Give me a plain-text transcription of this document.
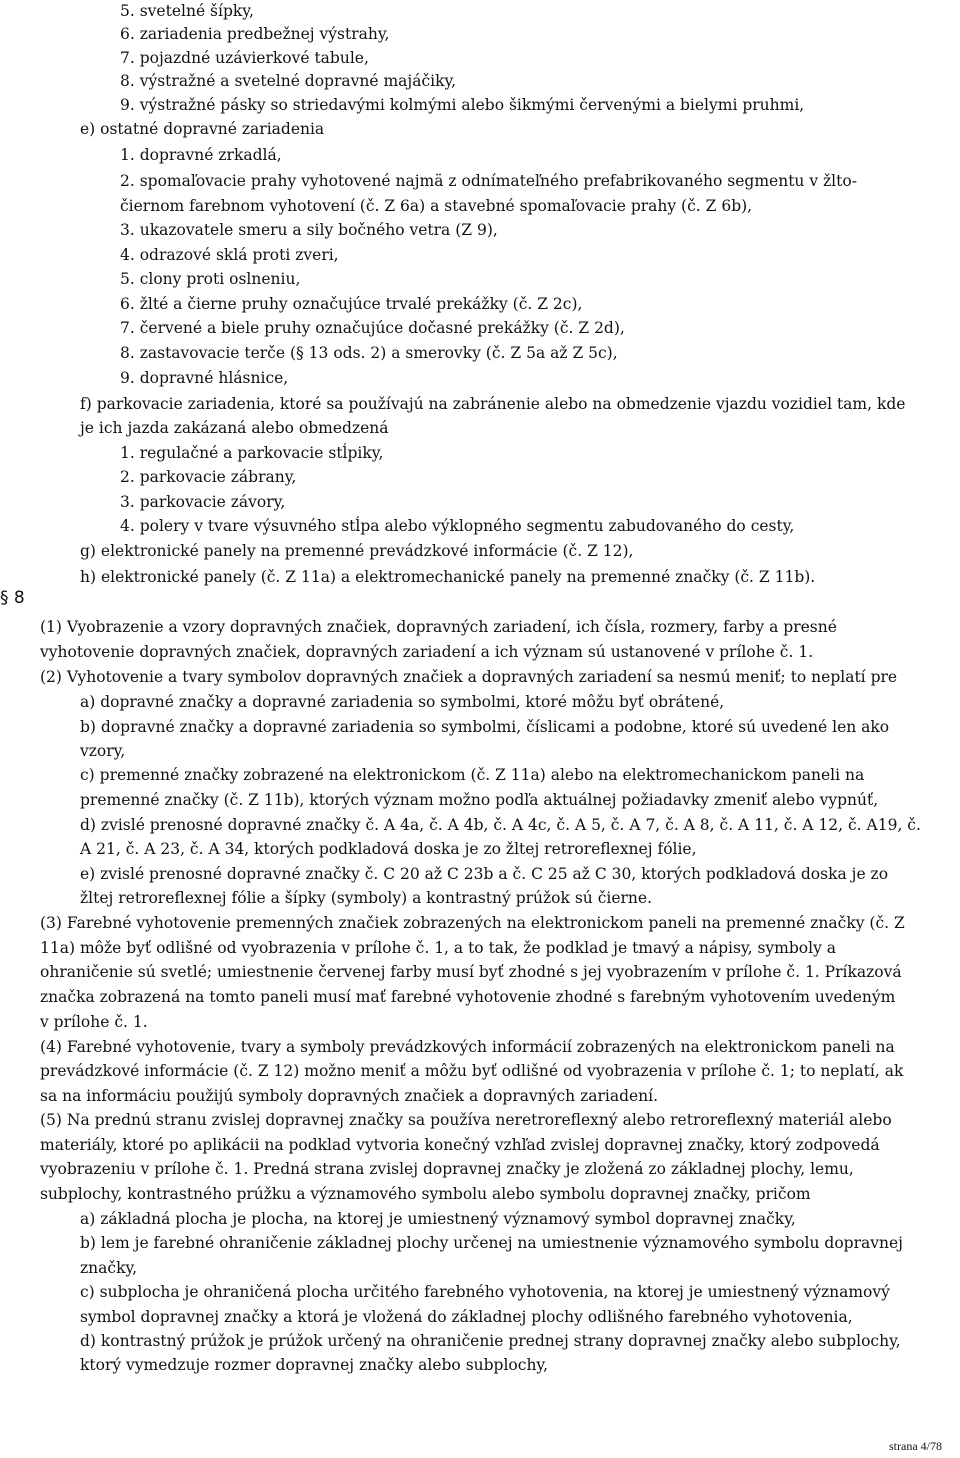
5. svetelné šípky,
6. zariadenia predbežnej výstrahy,
7. pojazdné uzávierkové tabule,
8. výstražné a svetelné dopravné majáčiky,
9. výstražné pásky so striedavými kolmými alebo šikmými červenými a bielymi pruhmi,
e) ostatné dopravné zariadenia
1. dopravné zrkadlá,
2. spomaľovacie prahy vyhotovené najmä z odnímateľného prefabrikovaného segmentu v žlto-
čiernom farebnom vyhotovení (č. Z 6a) a stavebné spomaľovacie prahy (č. Z 6b),
3. ukazovatele smeru a sily bočného vetra (Z 9),
4. odrazové sklá proti zveri,
5. clony proti oslneniu,
6. žlté a čierne pruhy označujúce trvalé prekážky (č. Z 2c),
7. červené a biele pruhy označujúce dočasné prekážky (č. Z 2d),
8. zastavovacie terče (§ 13 ods. 2) a smerovky (č. Z 5a až Z 5c),
9. dopravné hlásnice,
f) parkovacie zariadenia, ktoré sa používajú na zabránenie alebo na obmedzenie vjazdu vozidiel tam, kde
je ich jazda zakázaná alebo obmedzená
1. regulačné a parkovacie stĺpiky,
2. parkovacie zábrany,
3. parkovacie závory,
4. polery v tvare výsuvného stĺpa alebo výklopného segmentu zabudovaného do cesty,
g) elektronické panely na premenné prevádzkové informácie (č. Z 12),
h) elektronické panely (č. Z 11a) a elektromechanické panely na premenné značky (č. Z 11b).
§ 8
(1) Vyobrazenie a vzory dopravných značiek, dopravných zariadení, ich čísla, rozmery, farby a presné
vyhotovenie dopravných značiek, dopravných zariadení a ich význam sú ustanovené v prílohe č. 1.
(2) Vyhotovenie a tvary symbolov dopravných značiek a dopravných zariadení sa nesmú meniť; to neplatí pre
a) dopravné značky a dopravné zariadenia so symbolmi, ktoré môžu byť obrátené,
b) dopravné značky a dopravné zariadenia so symbolmi, číslicami a podobne, ktoré sú uvedené len ako
vzory,
c) premenné značky zobrazené na elektronickom (č. Z 11a) alebo na elektromechanickom paneli na
premenné značky (č. Z 11b), ktorých význam možno podľa aktuálnej požiadavky zmeniť alebo vypnúť,
d) zvislé prenosné dopravné značky č. A 4a, č. A 4b, č. A 4c, č. A 5, č. A 7, č. A 8, č. A 11, č. A 12, č. A19, č.
A 21, č. A 23, č. A 34, ktorých podkladová doska je zo žltej retroreflexnej fólie,
e) zvislé prenosné dopravné značky č. C 20 až C 23b a č. C 25 až C 30, ktorých podkladová doska je zo
žltej retroreflexnej fólie a šípky (symboly) a kontrastný prúžok sú čierne.
(3) Farebné vyhotovenie premenných značiek zobrazených na elektronickom paneli na premenné značky (č. Z
11a) môže byť odlišné od vyobrazenia v prílohe č. 1, a to tak, že podklad je tmavý a nápisy, symboly a
ohraničenie sú svetlé; umiestnenie červenej farby musí byť zhodné s jej vyobrazením v prílohe č. 1. Príkazová
značka zobrazená na tomto paneli musí mať farebné vyhotovenie zhodné s farebným vyhotovením uvedeným
v prílohe č. 1.
(4) Farebné vyhotovenie, tvary a symboly prevádzkových informácií zobrazených na elektronickom paneli na
prevádzkové informácie (č. Z 12) možno meniť a môžu byť odlišné od vyobrazenia v prílohe č. 1; to neplatí, ak
sa na informáciu použijú symboly dopravných značiek a dopravných zariadení.
(5) Na prednú stranu zvislej dopravnej značky sa používa neretroreflexný alebo retroreflexný materiál alebo
materiály, ktoré po aplikácii na podklad vytvoria konečný vzhľad zvislej dopravnej značky, ktorý zodpovedá
vyobrazeniu v prílohe č. 1. Predná strana zvislej dopravnej značky je zložená zo základnej plochy, lemu,
subplochy, kontrastného prúžku a významového symbolu alebo symbolu dopravnej značky, pričom
a) základná plocha je plocha, na ktorej je umiestnený významový symbol dopravnej značky,
b) lem je farebné ohraničenie základnej plochy určenej na umiestnenie významového symbolu dopravnej
značky,
c) subplocha je ohraničená plocha určitého farebného vyhotovenia, na ktorej je umiestnený významový
symbol dopravnej značky a ktorá je vložená do základnej plochy odlišného farebného vyhotovenia,
d) kontrastný prúžok je prúžok určený na ohraničenie prednej strany dopravnej značky alebo subplochy,
ktorý vymedzuje rozmer dopravnej značky alebo subplochy,
strana 4/78
